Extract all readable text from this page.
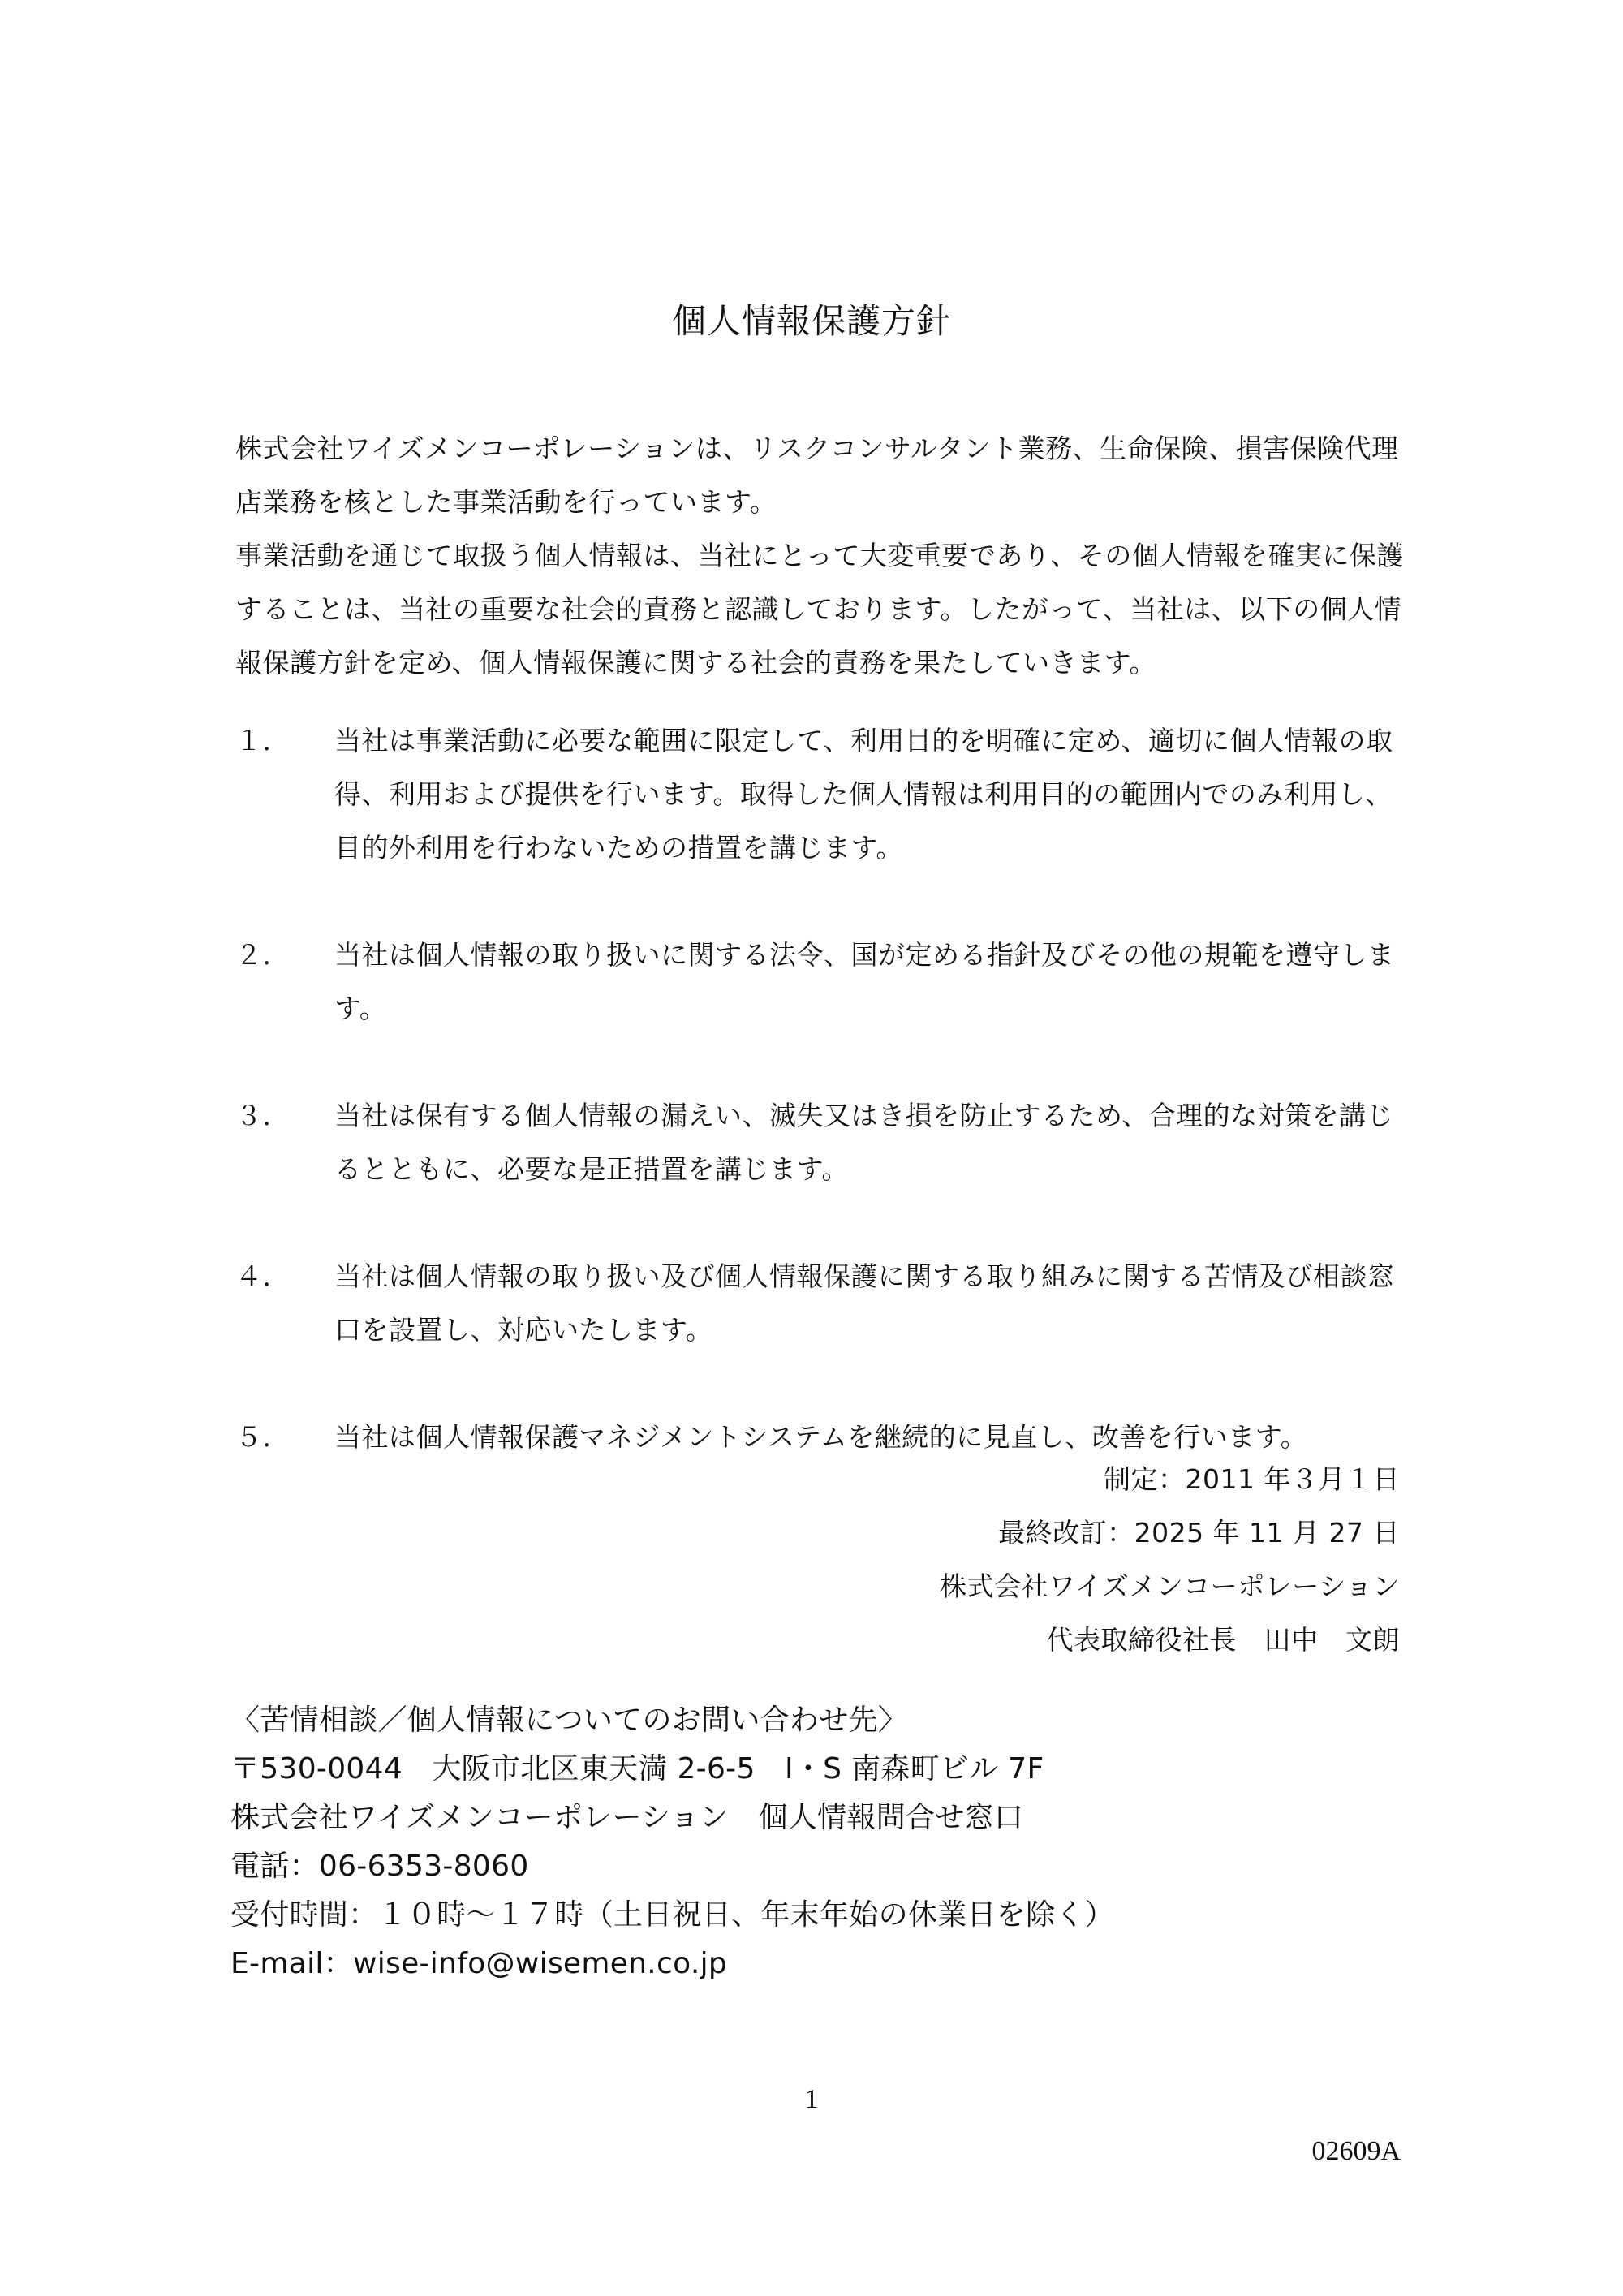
個人情報保護方針

株式会社ワイズメンコーポレーションは、リスクコンサルタント業務、生命保険、損害保険代理店業務を核とした事業活動を行っています。

事業活動を通じて取扱う個人情報は、当社にとって大変重要であり、その個人情報を確実に保護することは、当社の重要な社会的責務と認識しております。したがって、当社は、以下の個人情報保護方針を定め、個人情報保護に関する社会的責務を果たしていきます。

１．	当社は事業活動に必要な範囲に限定して、利用目的を明確に定め、適切に個人情報の取得、利用および提供を行います。取得した個人情報は利用目的の範囲内でのみ利用し、目的外利用を行わないための措置を講じます。
２．	当社は個人情報の取り扱いに関する法令、国が定める指針及びその他の規範を遵守します。
３．	当社は保有する個人情報の漏えい、滅失又はき損を防止するため、合理的な対策を講じるとともに、必要な是正措置を講じます。
４．	当社は個人情報の取り扱い及び個人情報保護に関する取り組みに関する苦情及び相談窓口を設置し、対応いたします。
５．	当社は個人情報保護マネジメントシステムを継続的に見直し、改善を行います。
制定：2011 年３月１日
最終改訂：2025 年 11 月 27 日
株式会社ワイズメンコーポレーション
代表取締役社長　田中　文朗
〈苦情相談／個人情報についてのお問い合わせ先〉
〒530-0044　大阪市北区東天満 2-6-5　I・S 南森町ビル 7F
株式会社ワイズメンコーポレーション　個人情報問合せ窓口
電話：06-6353-8060
受付時間：１０時～１７時（土日祝日、年末年始の休業日を除く）
E-mail：wise-info@wisemen.co.jp
1
02609A
